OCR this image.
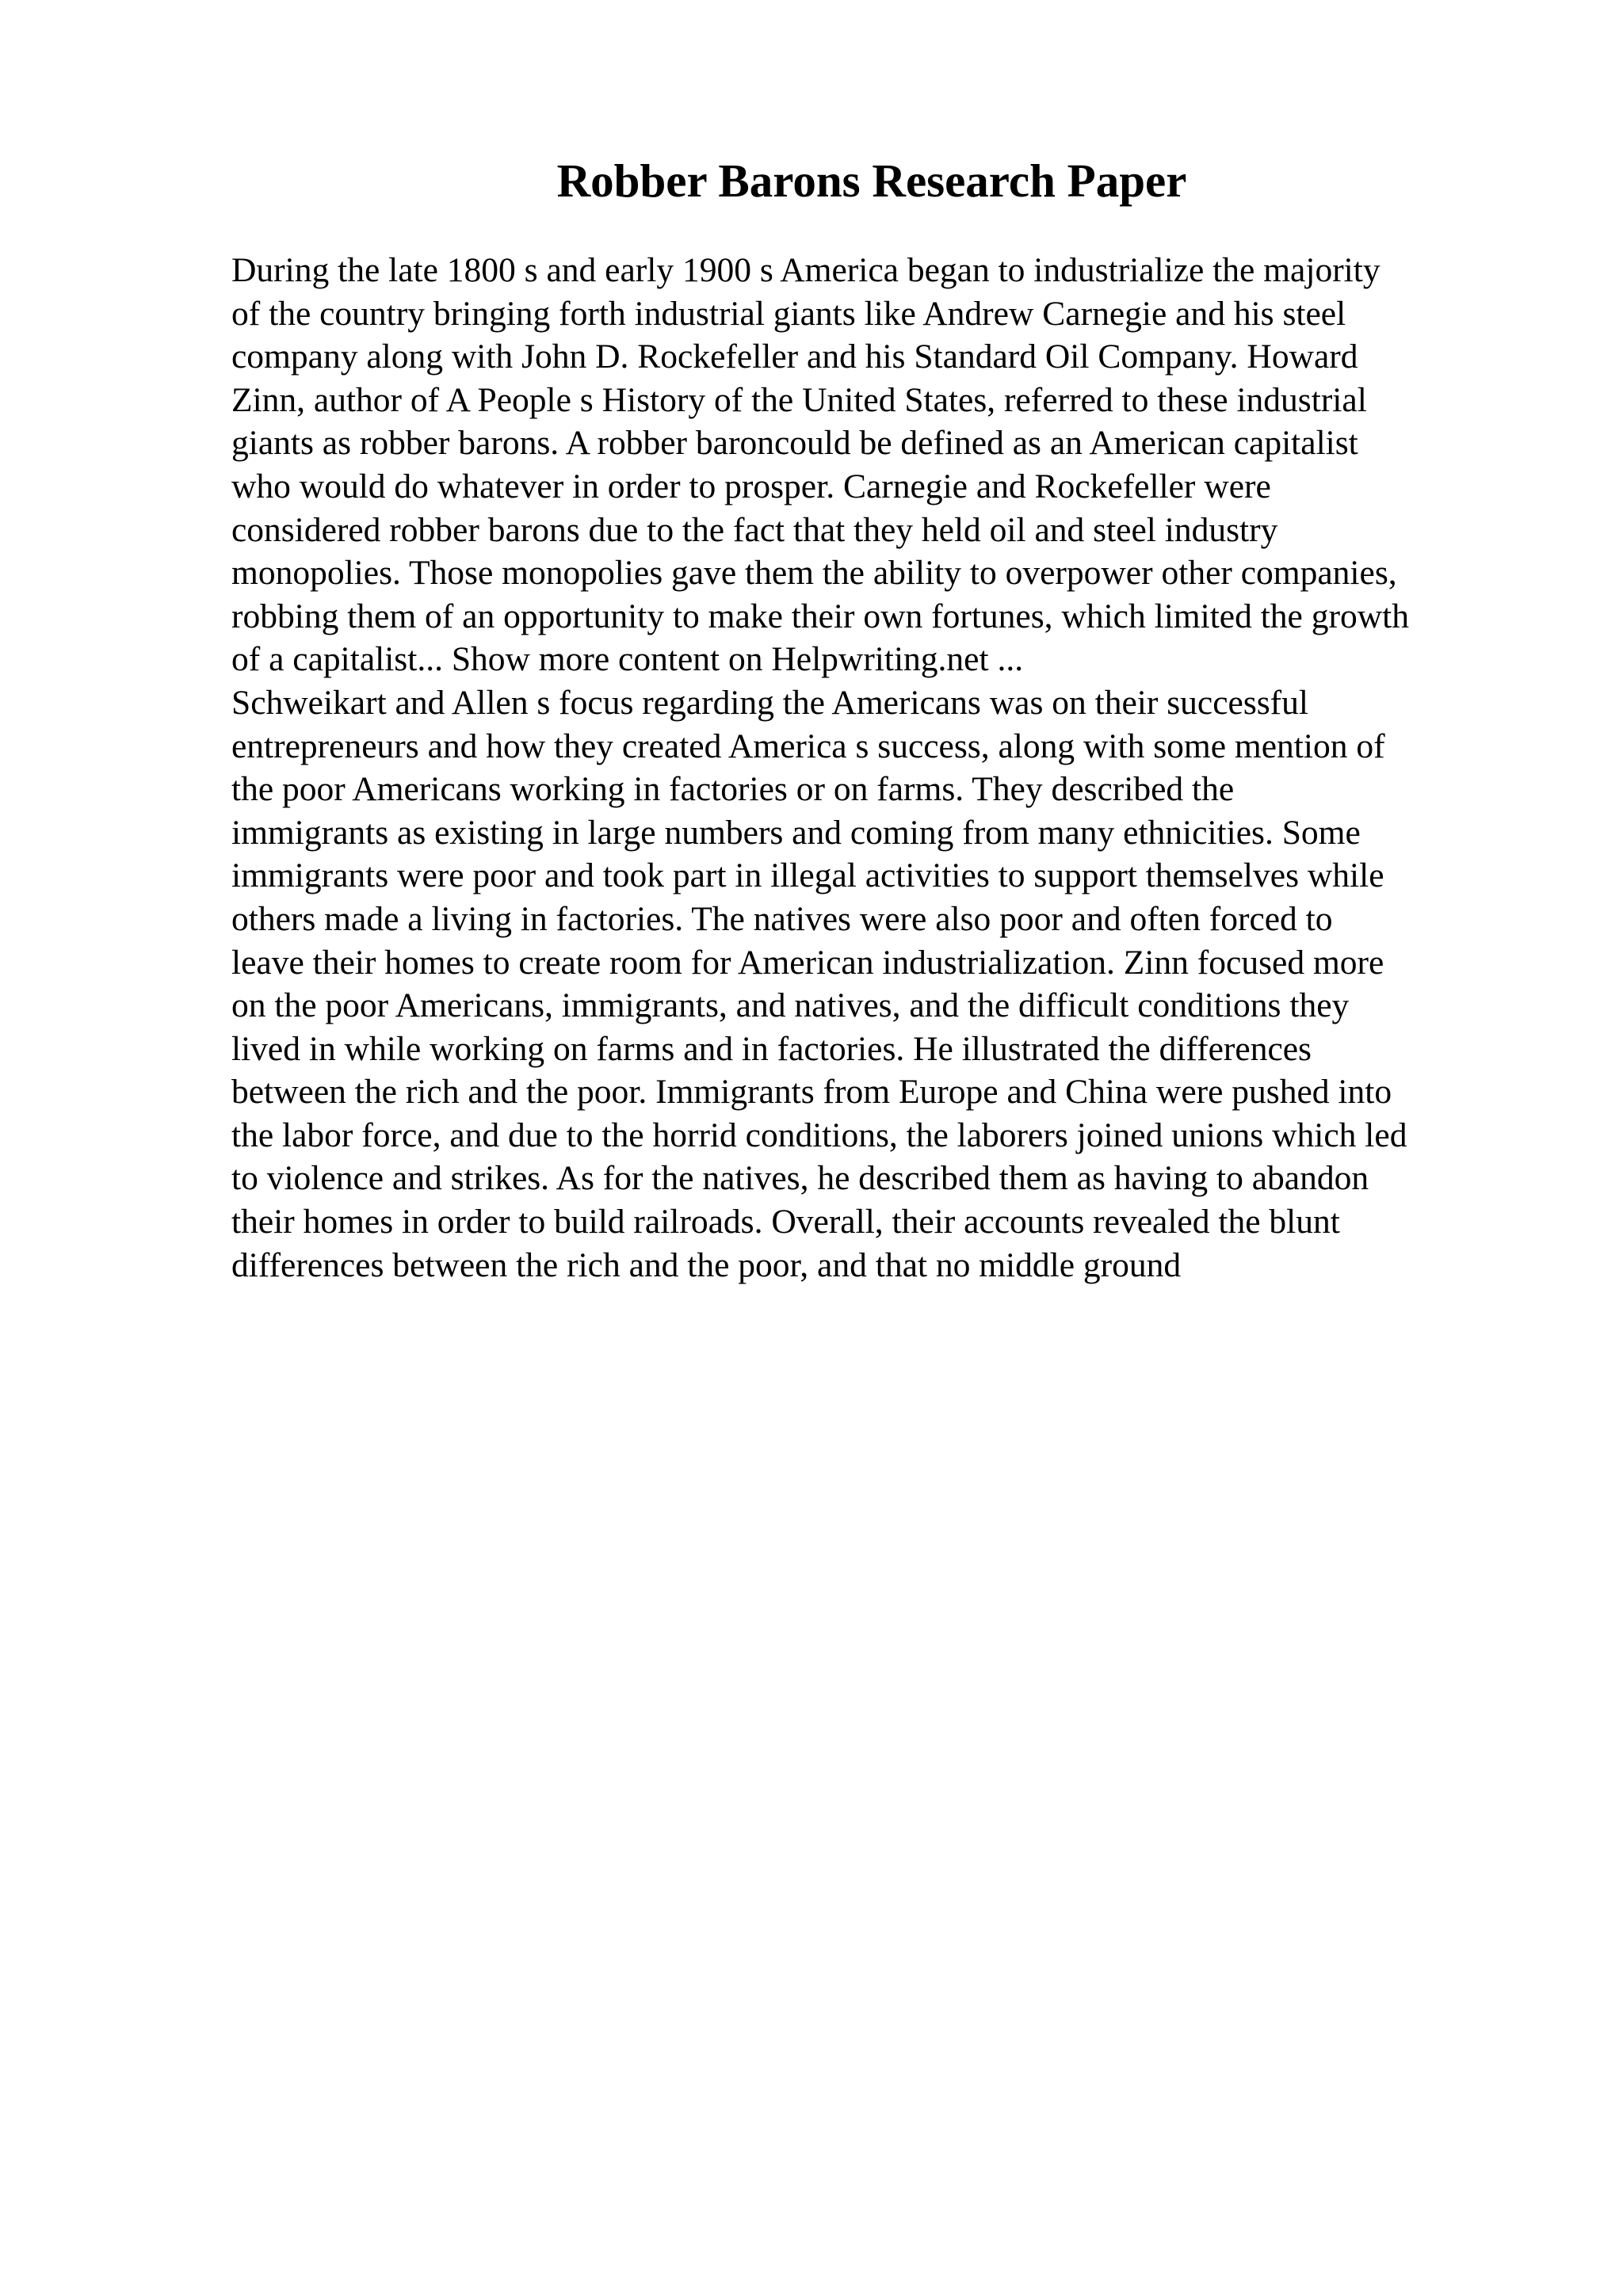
Robber Barons Research Paper
During the late 1800 s and early 1900 s America began to industrialize the majority
of the country bringing forth industrial giants like Andrew Carnegie and his steel
company along with John D. Rockefeller and his Standard Oil Company. Howard
Zinn, author of A People s History of the United States, referred to these industrial
giants as robber barons. A robber baroncould be defined as an American capitalist
who would do whatever in order to prosper. Carnegie and Rockefeller were
considered robber barons due to the fact that they held oil and steel industry
monopolies. Those monopolies gave them the ability to overpower other companies,
robbing them of an opportunity to make their own fortunes, which limited the growth
of a capitalist... Show more content on Helpwriting.net ...
Schweikart and Allen s focus regarding the Americans was on their successful
entrepreneurs and how they created America s success, along with some mention of
the poor Americans working in factories or on farms. They described the
immigrants as existing in large numbers and coming from many ethnicities. Some
immigrants were poor and took part in illegal activities to support themselves while
others made a living in factories. The natives were also poor and often forced to
leave their homes to create room for American industrialization. Zinn focused more
on the poor Americans, immigrants, and natives, and the difficult conditions they
lived in while working on farms and in factories. He illustrated the differences
between the rich and the poor. Immigrants from Europe and China were pushed into
the labor force, and due to the horrid conditions, the laborers joined unions which led
to violence and strikes. As for the natives, he described them as having to abandon
their homes in order to build railroads. Overall, their accounts revealed the blunt
differences between the rich and the poor, and that no middle ground
